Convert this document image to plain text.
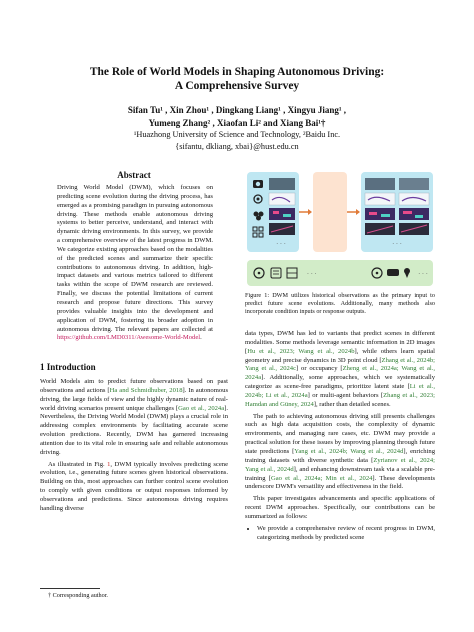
The Role of World Models in Shaping Autonomous Driving:
A Comprehensive Survey
Sifan Tu¹ , Xin Zhou¹ , Dingkang Liang¹ , Xingyu Jiang¹ ,
Yumeng Zhang² , Xiaofan Li² and Xiang Bai¹†
¹Huazhong University of Science and Technology, ²Baidu Inc.
{sifantu, dkliang, xbai}@hust.edu.cn
Abstract
Driving World Model (DWM), which focuses on predicting scene evolution during the driving process, has emerged as a promising paradigm in pursuing autonomous driving. These methods enable autonomous driving systems to better perceive, understand, and interact with dynamic driving environments. In this survey, we provide a comprehensive overview of the latest progress in DWM. We categorize existing approaches based on the modalities of the predicted scenes and summarize their specific contributions to autonomous driving. In addition, high-impact datasets and various metrics tailored to different tasks within the scope of DWM research are reviewed. Finally, we discuss the potential limitations of current research and propose future directions. This survey provides valuable insights into the development and application of DWM, fostering its broader adoption in autonomous driving. The relevant papers are collected at https://github.com/LMD0311/Awesome-World-Model.
1 Introduction

World Models aim to predict future observations based on past observations and actions [Ha and Schmidhuber, 2018]. In autonomous driving, the large fields of view and the highly dynamic nature of real-world driving scenarios present unique challenges [Gao et al., 2024a]. Nevertheless, the Driving World Model (DWM) plays a crucial role in addressing complex environments by facilitating accurate scene evolution predictions. Recently, DWM has garnered increasing attention due to its vital role in ensuring safe and reliable autonomous driving.

As illustrated in Fig. 1, DWM typically involves predicting scene evolution, i.e., generating future scenes given historical observations. Building on this, most approaches can further control scene evolution to comply with given conditions or output responses informed by observations and predictions. Since autonomous driving requires handling diverse

† Corresponding author.
· · ·	· · ·
· · ·	· · ·
Figure 1: DWM utilizes historical observations as the primary input to predict future scene evolutions. Additionally, many methods also incorporate condition inputs or response outputs.

data types, DWM has led to variants that predict scenes in different modalities. Some methods leverage semantic information in 2D images [Hu et al., 2023; Wang et al., 2024b], while others learn spatial geometry and precise dynamics in 3D point cloud [Zhang et al., 2024b; Yang et al., 2024c] or occupancy [Zheng et al., 2024a; Wang et al., 2024a]. Additionally, some approaches, which we systematically categorize as scene-free paradigms, prioritize latent state [Li et al., 2024b; Li et al., 2024a] or multi-agent behaviors [Zhang et al., 2023; Hamdan and Güney, 2024], rather than detailed scenes.

The path to achieving autonomous driving still presents challenges such as high data acquisition costs, the complexity of dynamic environments, and managing rare cases, etc. DWM may provide a practical solution for these issues by improving planning through future state predictions [Yang et al., 2024b; Wang et al., 2024d], enriching training datasets with diverse synthetic data [Zyrianov et al., 2024; Yang et al., 2024d], and enhancing downstream task via a scalable pre-training [Gao et al., 2024a; Min et al., 2024]. These developments underscore DWM's versatility and effectiveness in the field.

This paper investigates advancements and specific applications of recent DWM approaches. Specifically, our contributions can be summarized as follows:

• We provide a comprehensive review of recent progress in DWM, categorizing methods by predicted scene
